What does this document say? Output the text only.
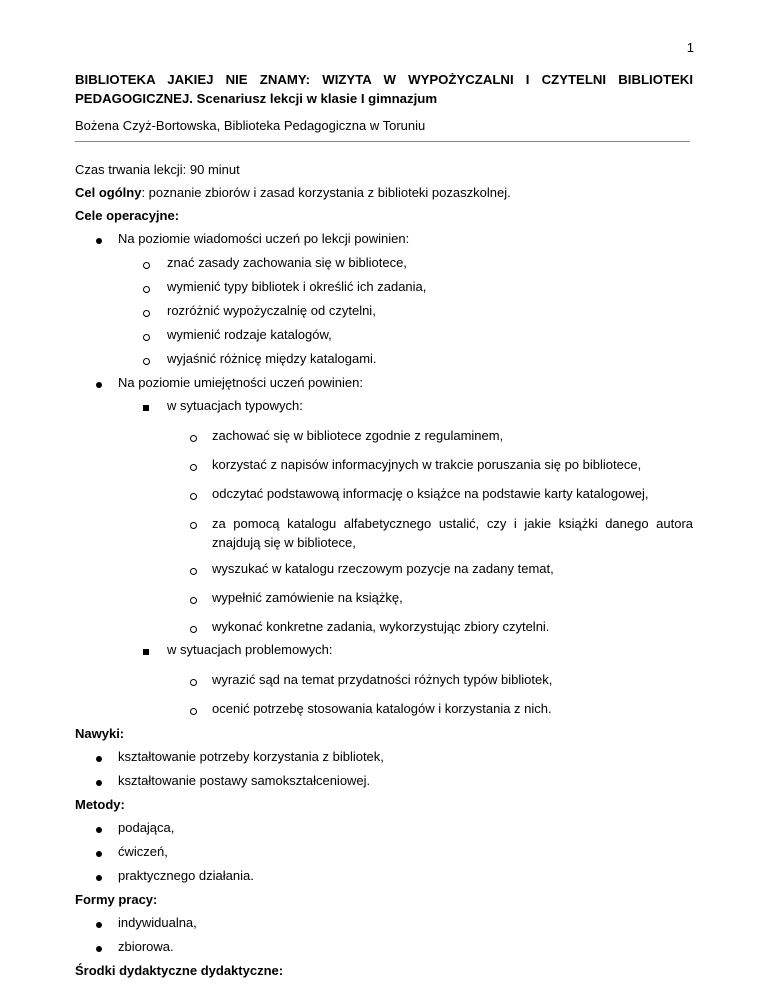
1
BIBLIOTEKA JAKIEJ NIE ZNAMY: WIZYTA W WYPOŻYCZALNI I CZYTELNI BIBLIOTEKI
PEDAGOGICZNEJ. Scenariusz lekcji w klasie I gimnazjum
Bożena Czyż-Bortowska, Biblioteka Pedagogiczna w Toruniu
Czas trwania lekcji: 90 minut
Cel ogólny: poznanie zbiorów i zasad korzystania z biblioteki pozaszkolnej.
Cele operacyjne:
Na poziomie wiadomości uczeń po lekcji powinien:
znać zasady zachowania się w bibliotece,
wymienić typy bibliotek i określić ich zadania,
rozróżnić wypożyczalnię od czytelni,
wymienić rodzaje katalogów,
wyjaśnić różnicę między katalogami.
Na poziomie umiejętności uczeń powinien:
w sytuacjach typowych:
zachować się w bibliotece zgodnie z regulaminem,
korzystać z napisów informacyjnych w trakcie poruszania się po bibliotece,
odczytać podstawową informację o książce na podstawie karty katalogowej,
za pomocą katalogu alfabetycznego ustalić, czy i jakie książki danego autora znajdują się w bibliotece,
wyszukać w katalogu rzeczowym pozycje na zadany temat,
wypełnić zamówienie na książkę,
wykonać konkretne zadania, wykorzystując zbiory czytelni.
w sytuacjach problemowych:
wyrazić sąd na temat przydatności różnych typów bibliotek,
ocenić potrzebę stosowania katalogów i korzystania z nich.
Nawyki:
kształtowanie potrzeby korzystania z bibliotek,
kształtowanie postawy samokształceniowej.
Metody:
podająca,
ćwiczeń,
praktycznego działania.
Formy pracy:
indywidualna,
zbiorowa.
Środki dydaktyczne dydaktyczne:
